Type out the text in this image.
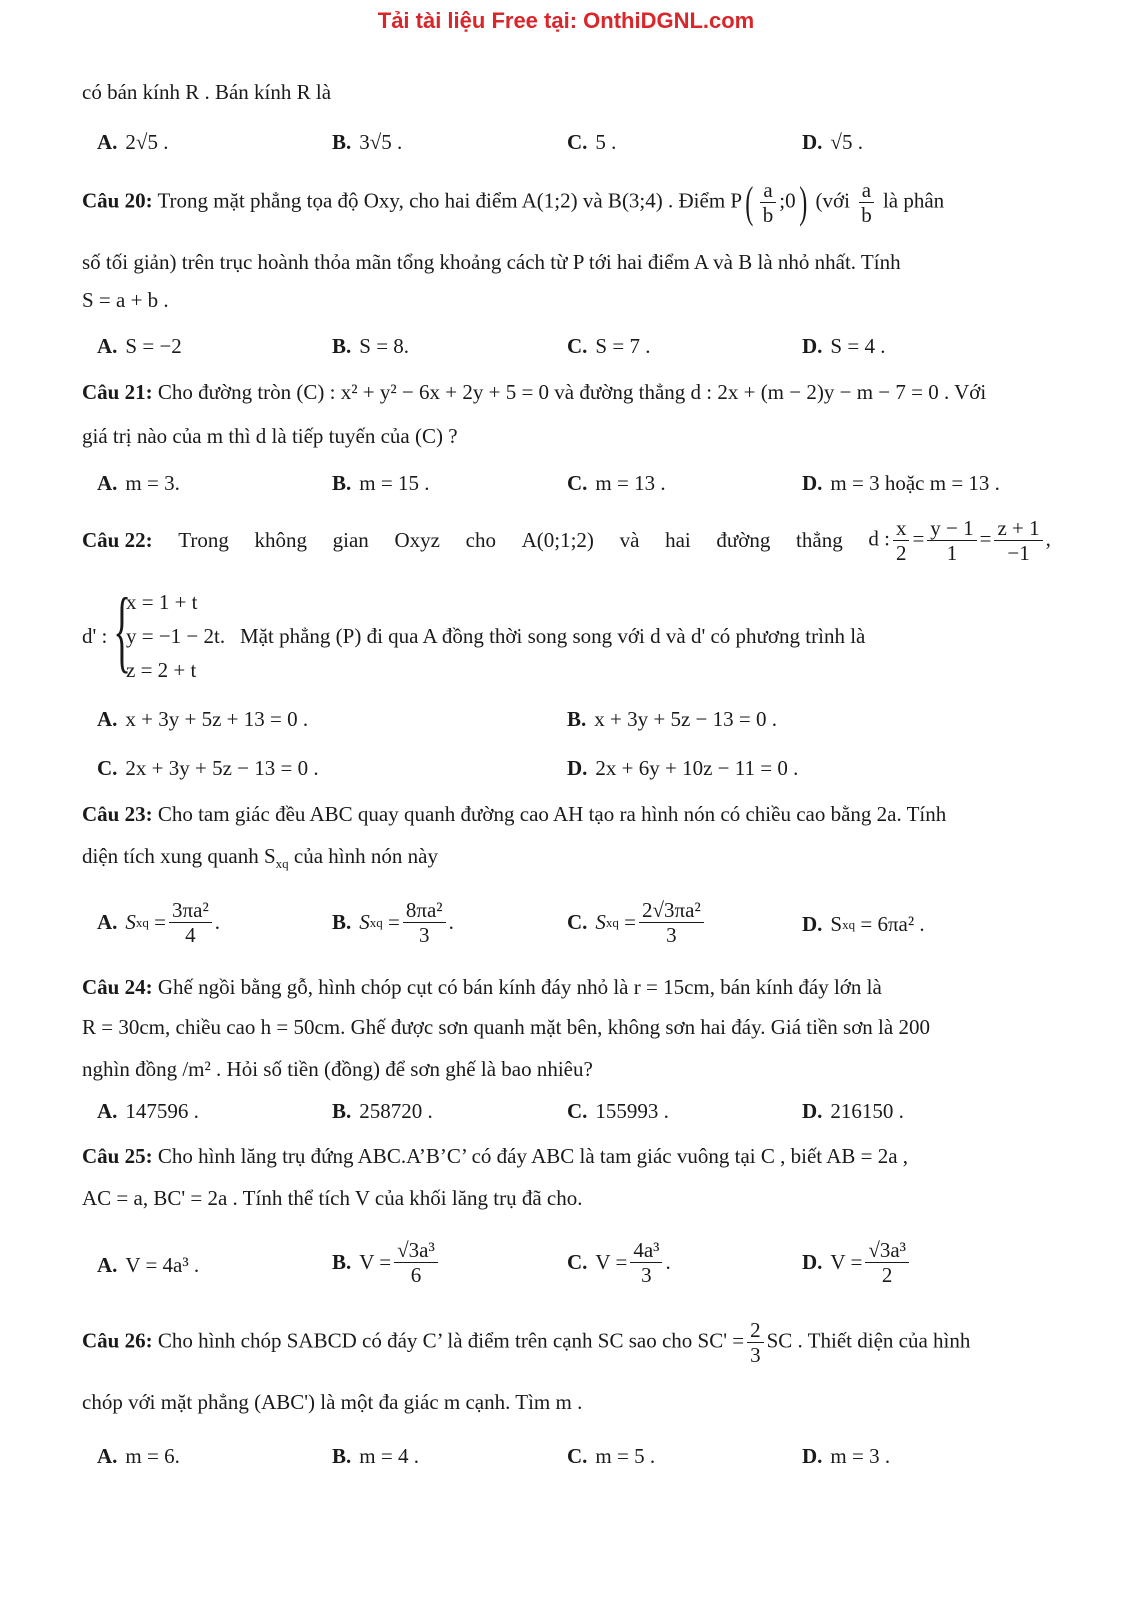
Tải tài liệu Free tại: OnthiDGNL.com
có bán kính R . Bán kính R là
A. 2√5 .	B. 3√5 .	C. 5 .	D. √5 .
Câu 20: Trong mặt phẳng tọa độ Oxy, cho hai điểm A(1;2) và B(3;4) . Điểm $P( \frac{a}{b}$ ;0) (với $\frac{a}{b}$ là phân
số tối giản) trên trục hoành thỏa mãn tổng khoảng cách từ P tới hai điểm A và B là nhỏ nhất. Tính
S = a + b .
A. S = −2	B. S = 8.	C. S = 7 .	D. S = 4 .
Câu 21: Cho đường tròn (C) : x² + y² − 6x + 2y + 5 = 0 và đường thẳng d : 2x + (m − 2)y − m − 7 = 0 . Với
giá trị nào của m thì d là tiếp tuyến của (C) ?
A. m = 3.	B. m = 15 .	C. m = 13 .	D. m = 3 hoặc m = 13 .
Câu 22: Trong không gian Oxyz cho A(0;1;2) và hai đường thẳng d : $\frac{x}{2} = \frac{y - 1}{1} = \frac{z + 1}{-1}$ ,
d' : {
x = 1 + t
y = −1 − 2t.
z = 2 + t
Mặt phẳng (P) đi qua A đồng thời song song với d và d' có phương trình là
A. x + 3y + 5z + 13 = 0 .	B. x + 3y + 5z − 13 = 0 .
C. 2x + 3y + 5z − 13 = 0 .	D. 2x + 6y + 10z − 11 = 0 .
Câu 23: Cho tam giác đều ABC quay quanh đường cao AH tạo ra hình nón có chiều cao bằng 2a. Tính
diện tích xung quanh $S_{xq}$ của hình nón này
A. S xq = $\frac{\text{3πa²}}{4}$ .	B. S xq = $\frac{\text{8πa²}}{3}$ .	C. S xq = $\frac{\text{2√3πa²}}{3}$	D. S xq
= 6πa² .
Câu 24: Ghế ngồi bằng gỗ, hình chóp cụt có bán kính đáy nhỏ là r = 15cm, bán kính đáy lớn là
R = 30cm, chiều cao h = 50cm. Ghế được sơn quanh mặt bên, không sơn hai đáy. Giá tiền sơn là 200
nghìn đồng /m² . Hỏi số tiền (đồng) để sơn ghế là bao nhiêu?
A. 147596 .	B. 258720 .	C. 155993 .	D. 216150 .
Câu 25: Cho hình lăng trụ đứng ABC.A’B’C’ có đáy ABC là tam giác vuông tại C , biết AB = 2a ,
AC = a, BC' = 2a . Tính thể tích V của khối lăng trụ đã cho.
A. V = 4a³ .	B. $V = \frac{\text{√3a³}}{6}$	C. $V = \frac{\text{4a³}}{3}$ .	D. $V = \frac{\text{√3a³}}{2}$
Câu 26: Cho hình chóp SABCD có đáy C’ là điểm trên cạnh SC sao cho $SC' = \frac{2}{3}$ SC . Thiết diện của hình
chóp với mặt phẳng (ABC') là một đa giác m cạnh. Tìm m .
A. m = 6.	B. m = 4 .	C. m = 5 .	D. m = 3 .
